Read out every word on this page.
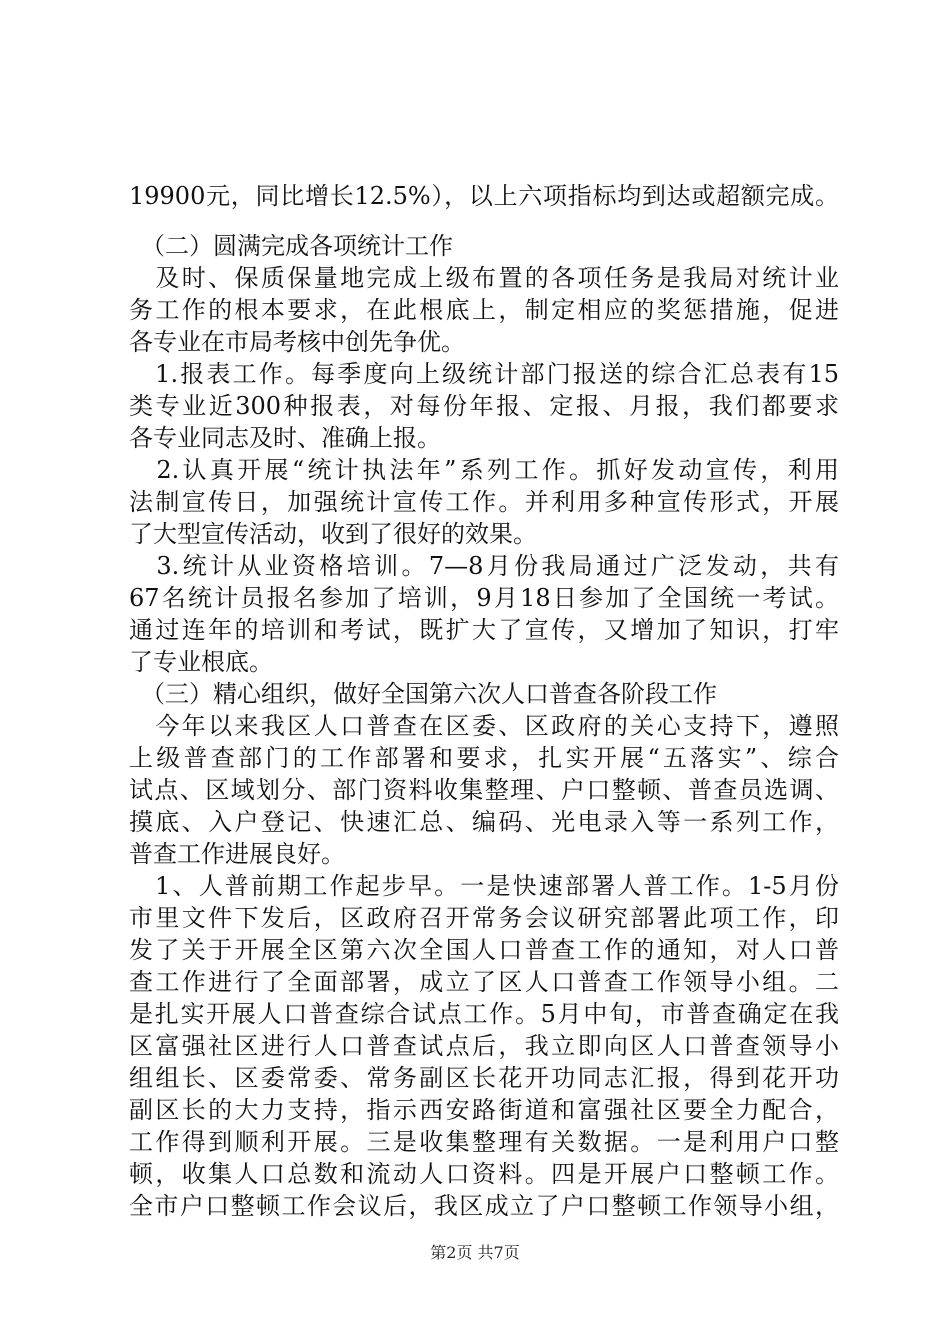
19900元，同比增长12.5%），以上六项指标均到达或超额完成。
　（二）圆满完成各项统计工作
　及时、保质保量地完成上级布置的各项任务是我局对统计业
务工作的根本要求，在此根底上，制定相应的奖惩措施，促进
各专业在市局考核中创先争优。
　1.报表工作。每季度向上级统计部门报送的综合汇总表有15
类专业近300种报表，对每份年报、定报、月报，我们都要求
各专业同志及时、准确上报。
　2.认真开展“统计执法年”系列工作。抓好发动宣传，利用
法制宣传日，加强统计宣传工作。并利用多种宣传形式，开展
了大型宣传活动，收到了很好的效果。
　3.统计从业资格培训。7—8月份我局通过广泛发动，共有
67名统计员报名参加了培训，9月18日参加了全国统一考试。
通过连年的培训和考试，既扩大了宣传，又增加了知识，打牢
了专业根底。
　（三）精心组织，做好全国第六次人口普查各阶段工作
　今年以来我区人口普查在区委、区政府的关心支持下，遵照
上级普查部门的工作部署和要求，扎实开展“五落实”、综合
试点、区域划分、部门资料收集整理、户口整顿、普查员选调、
摸底、入户登记、快速汇总、编码、光电录入等一系列工作，
普查工作进展良好。
　1、人普前期工作起步早。一是快速部署人普工作。1-5月份
市里文件下发后，区政府召开常务会议研究部署此项工作，印
发了关于开展全区第六次全国人口普查工作的通知，对人口普
查工作进行了全面部署，成立了区人口普查工作领导小组。二
是扎实开展人口普查综合试点工作。5月中旬，市普查确定在我
区富强社区进行人口普查试点后，我立即向区人口普查领导小
组组长、区委常委、常务副区长花开功同志汇报，得到花开功
副区长的大力支持，指示西安路街道和富强社区要全力配合，
工作得到顺利开展。三是收集整理有关数据。一是利用户口整
顿，收集人口总数和流动人口资料。四是开展户口整顿工作。
全市户口整顿工作会议后，我区成立了户口整顿工作领导小组，
第2页 共7页
